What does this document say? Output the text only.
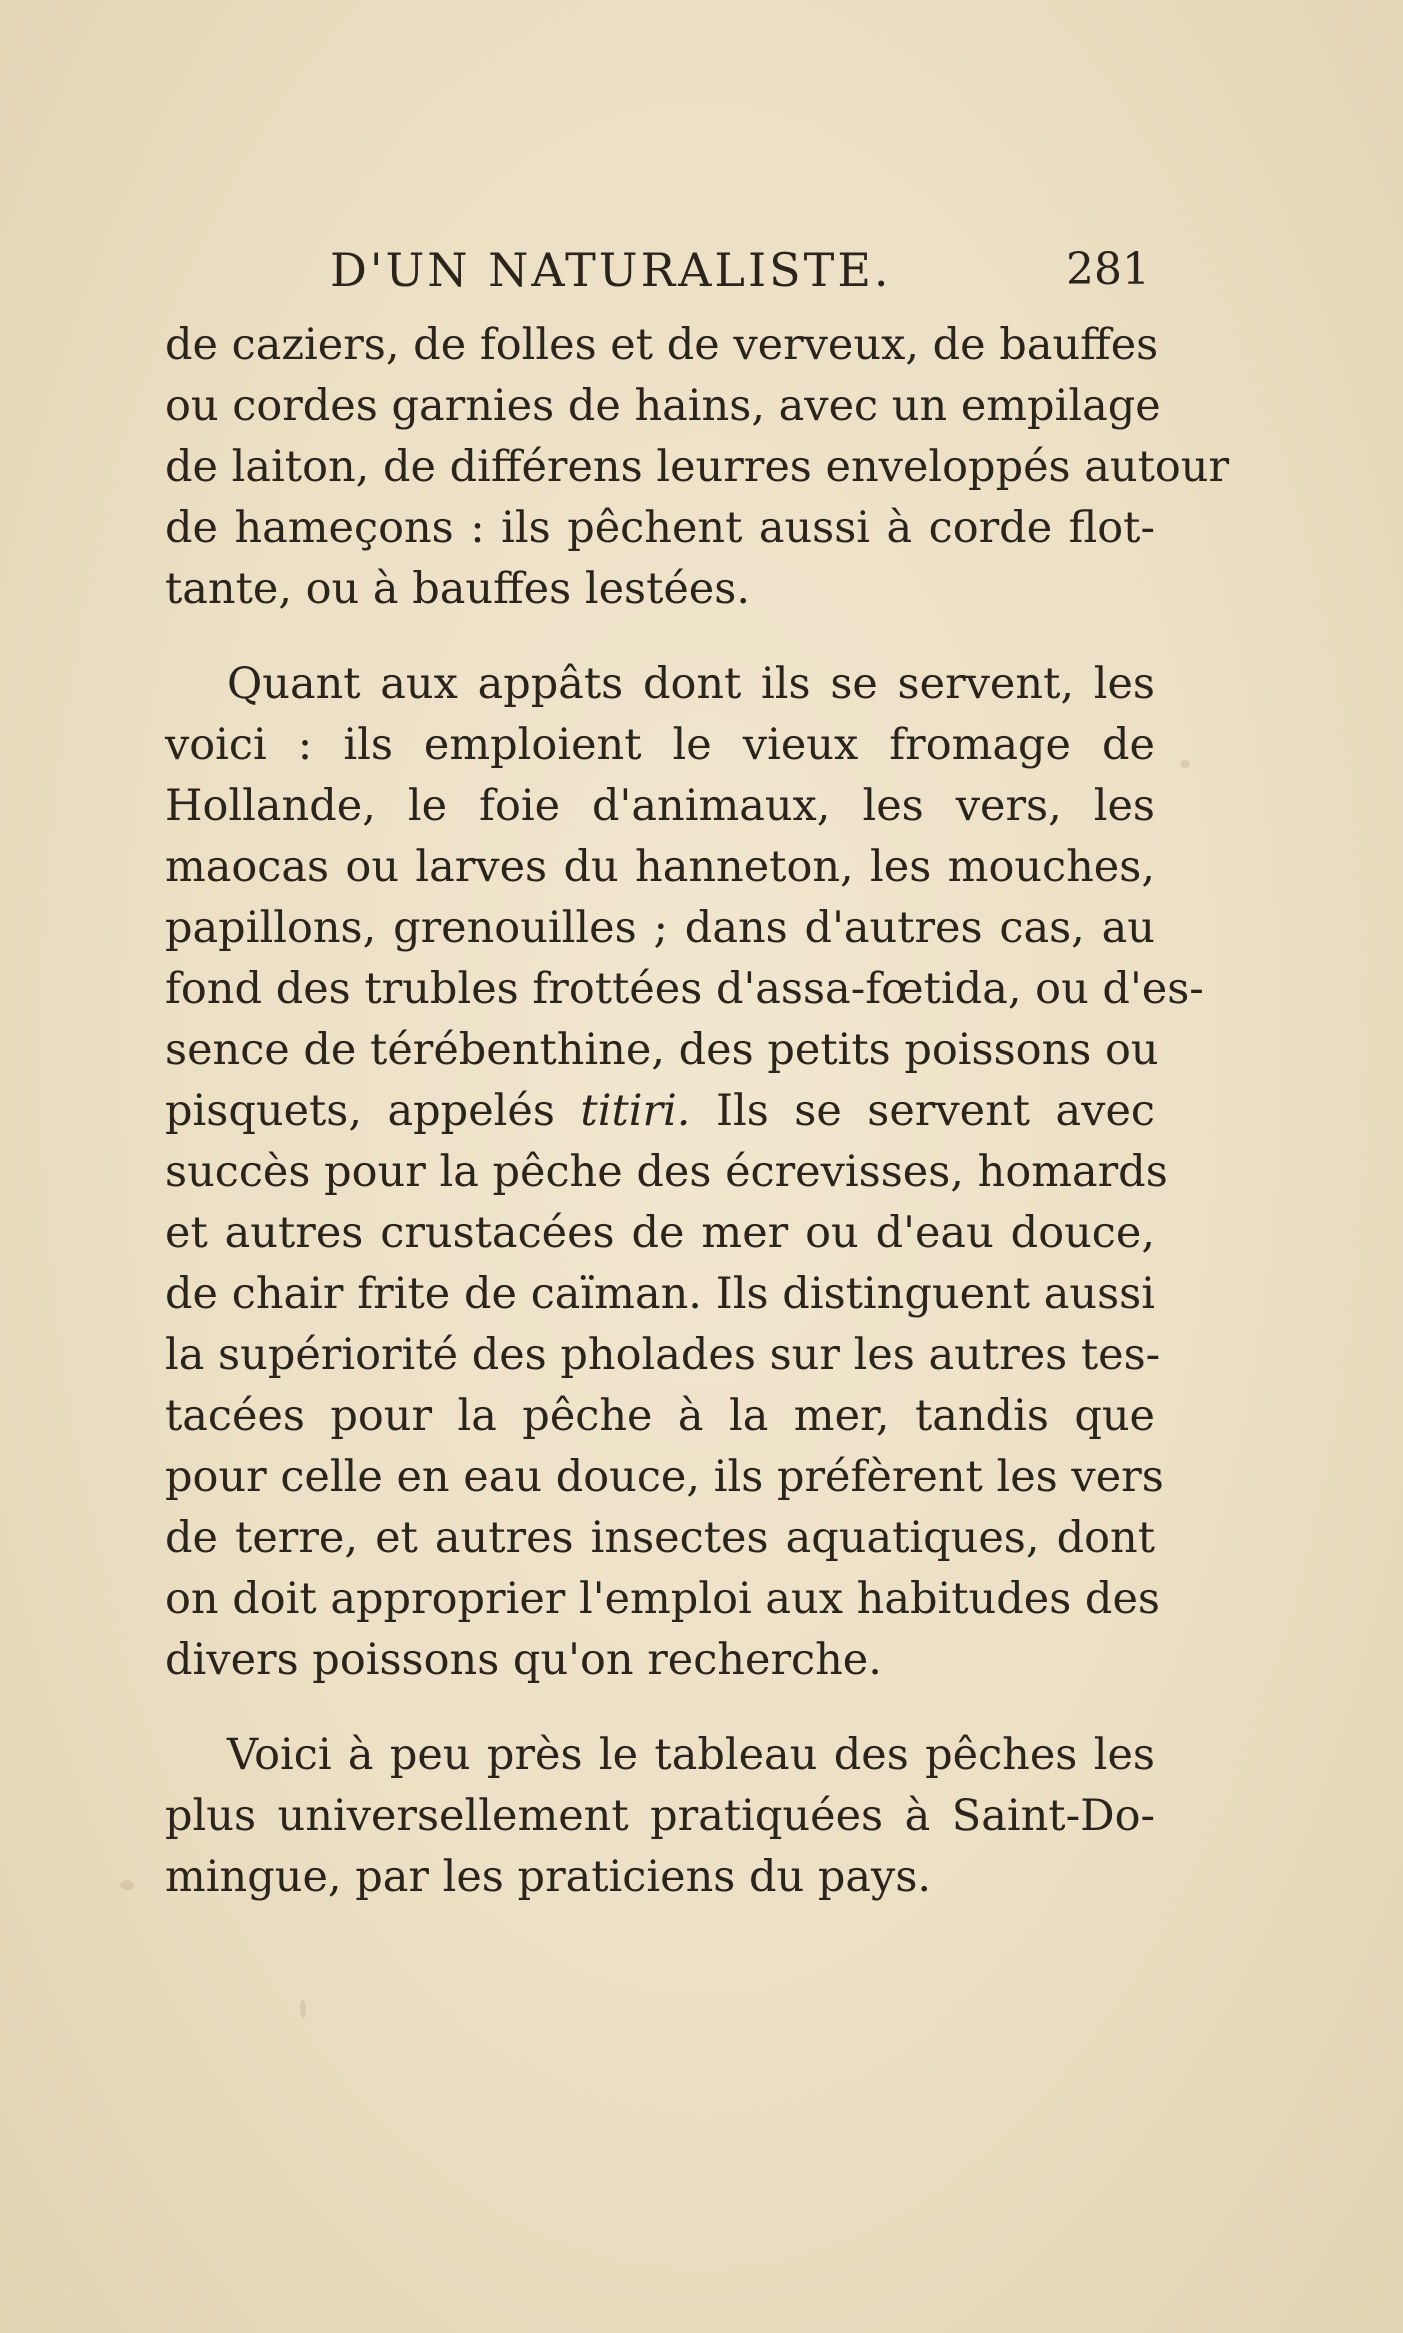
D'UN NATURALISTE.	281

de caziers, de folles et de verveux, de bauffes
ou cordes garnies de hains, avec un empilage
de laiton, de différens leurres enveloppés autour
de hameçons : ils pêchent aussi à corde flot-
tante, ou à bauffes lestées.

Quant aux appâts dont ils se servent, les
voici : ils emploient le vieux fromage de
Hollande, le foie d'animaux, les vers, les
maocas ou larves du hanneton, les mouches,
papillons, grenouilles ; dans d'autres cas, au
fond des trubles frottées d'assa-fœtida, ou d'es-
sence de térébenthine, des petits poissons ou
pisquets, appelés titiri. Ils se servent avec
succès pour la pêche des écrevisses, homards
et autres crustacées de mer ou d'eau douce,
de chair frite de caïman. Ils distinguent aussi
la supériorité des pholades sur les autres tes-
tacées pour la pêche à la mer, tandis que
pour celle en eau douce, ils préfèrent les vers
de terre, et autres insectes aquatiques, dont
on doit approprier l'emploi aux habitudes des
divers poissons qu'on recherche.

Voici à peu près le tableau des pêches les
plus universellement pratiquées à Saint-Do-
mingue, par les praticiens du pays.
